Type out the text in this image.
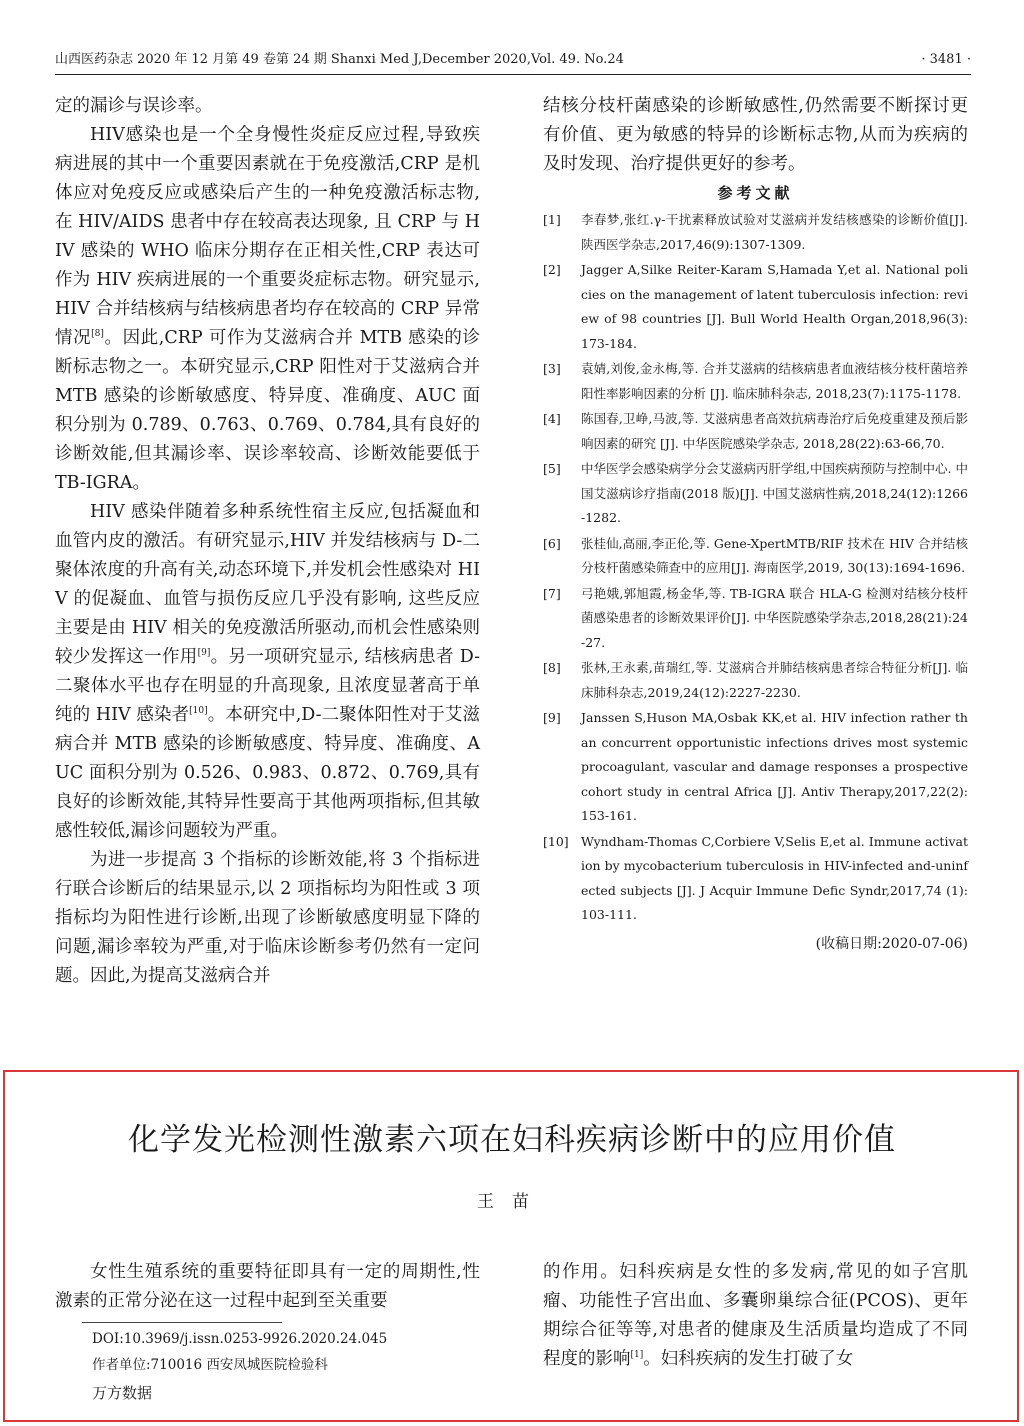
山西医药杂志 2020 年 12 月第 49 卷第 24 期 Shanxi Med J,December 2020,Vol. 49. No.24	· 3481 ·

定的漏诊与误诊率。

HIV感染也是一个全身慢性炎症反应过程,导致疾病进展的其中一个重要因素就在于免疫激活,CRP 是机体应对免疫反应或感染后产生的一种免疫激活标志物,在 HIV/AIDS 患者中存在较高表达现象, 且 CRP 与 HIV 感染的 WHO 临床分期存在正相关性,CRP 表达可作为 HIV 疾病进展的一个重要炎症标志物。研究显示,HIV 合并结核病与结核病患者均存在较高的 CRP 异常情况[8]。因此,CRP 可作为艾滋病合并 MTB 感染的诊断标志物之一。本研究显示,CRP 阳性对于艾滋病合并 MTB 感染的诊断敏感度、特异度、准确度、AUC 面积分别为 0.789、0.763、0.769、0.784,具有良好的诊断效能,但其漏诊率、误诊率较高、诊断效能要低于 TB-IGRA。

HIV 感染伴随着多种系统性宿主反应,包括凝血和血管内皮的激活。有研究显示,HIV 并发结核病与 D-二聚体浓度的升高有关,动态环境下,并发机会性感染对 HIV 的促凝血、血管与损伤反应几乎没有影响, 这些反应主要是由 HIV 相关的免疫激活所驱动,而机会性感染则较少发挥这一作用[9]。另一项研究显示, 结核病患者 D-二聚体水平也存在明显的升高现象, 且浓度显著高于单纯的 HIV 感染者[10]。本研究中,D-二聚体阳性对于艾滋病合并 MTB 感染的诊断敏感度、特异度、准确度、AUC 面积分别为 0.526、0.983、0.872、0.769,具有良好的诊断效能,其特异性要高于其他两项指标,但其敏感性较低,漏诊问题较为严重。

为进一步提高 3 个指标的诊断效能,将 3 个指标进行联合诊断后的结果显示,以 2 项指标均为阳性或 3 项指标均为阳性进行诊断,出现了诊断敏感度明显下降的问题,漏诊率较为严重,对于临床诊断参考仍然有一定问题。因此,为提高艾滋病合并

结核分枝杆菌感染的诊断敏感性,仍然需要不断探讨更有价值、更为敏感的特异的诊断标志物,从而为疾病的及时发现、治疗提供更好的参考。

参考文献
[1]	李春梦,张红.γ-干扰素释放试验对艾滋病并发结核感染的诊断价值[J].陕西医学杂志,2017,46(9):1307-1309.
[2]	Jagger A,Silke Reiter-Karam S,Hamada Y,et al. National policies on the management of latent tuberculosis infection: review of 98 countries [J]. Bull World Health Organ,2018,96(3): 173-184.
[3]	袁婧,刘俊,金永梅,等. 合并艾滋病的结核病患者血液结核分枝杆菌培养阳性率影响因素的分析 [J]. 临床肺科杂志, 2018,23(7):1175-1178.
[4]	陈国春,卫峥,马波,等. 艾滋病患者高效抗病毒治疗后免疫重建及预后影响因素的研究 [J]. 中华医院感染学杂志, 2018,28(22):63-66,70.
[5]	中华医学会感染病学分会艾滋病丙肝学组,中国疾病预防与控制中心. 中国艾滋病诊疗指南(2018 版)[J]. 中国艾滋病性病,2018,24(12):1266-1282.
[6]	张桂仙,高丽,李正伦,等. Gene-XpertMTB/RIF 技术在 HIV 合并结核分枝杆菌感染筛查中的应用[J]. 海南医学,2019, 30(13):1694-1696.
[7]	弓艳娥,郭旭霞,杨金华,等. TB-IGRA 联合 HLA-G 检测对结核分枝杆菌感染患者的诊断效果评价[J]. 中华医院感染学杂志,2018,28(21):24-27.
[8]	张林,王永素,苗瑞红,等. 艾滋病合并肺结核病患者综合特征分析[J]. 临床肺科杂志,2019,24(12):2227-2230.
[9]	Janssen S,Huson MA,Osbak KK,et al. HIV infection rather than concurrent opportunistic infections drives most systemic procoagulant, vascular and damage responses a prospective cohort study in central Africa [J]. Antiv Therapy,2017,22(2): 153-161.
[10] Wyndham-Thomas C,Corbiere V,Selis E,et al. Immune activation by mycobacterium tuberculosis in HIV-infected and-uninfected subjects [J]. J Acquir Immune Defic Syndr,2017,74 (1):103-111.
(收稿日期:2020-07-06)
化学发光检测性激素六项在妇科疾病诊断中的应用价值
王苗

女性生殖系统的重要特征即具有一定的周期性,性激素的正常分泌在这一过程中起到至关重要

DOI:10.3969/j.issn.0253-9926.2020.24.045
作者单位:710016 西安凤城医院检验科
万方数据

的作用。妇科疾病是女性的多发病,常见的如子宫肌瘤、功能性子宫出血、多囊卵巢综合征(PCOS)、更年期综合征等等,对患者的健康及生活质量均造成了不同程度的影响[1]。妇科疾病的发生打破了女
